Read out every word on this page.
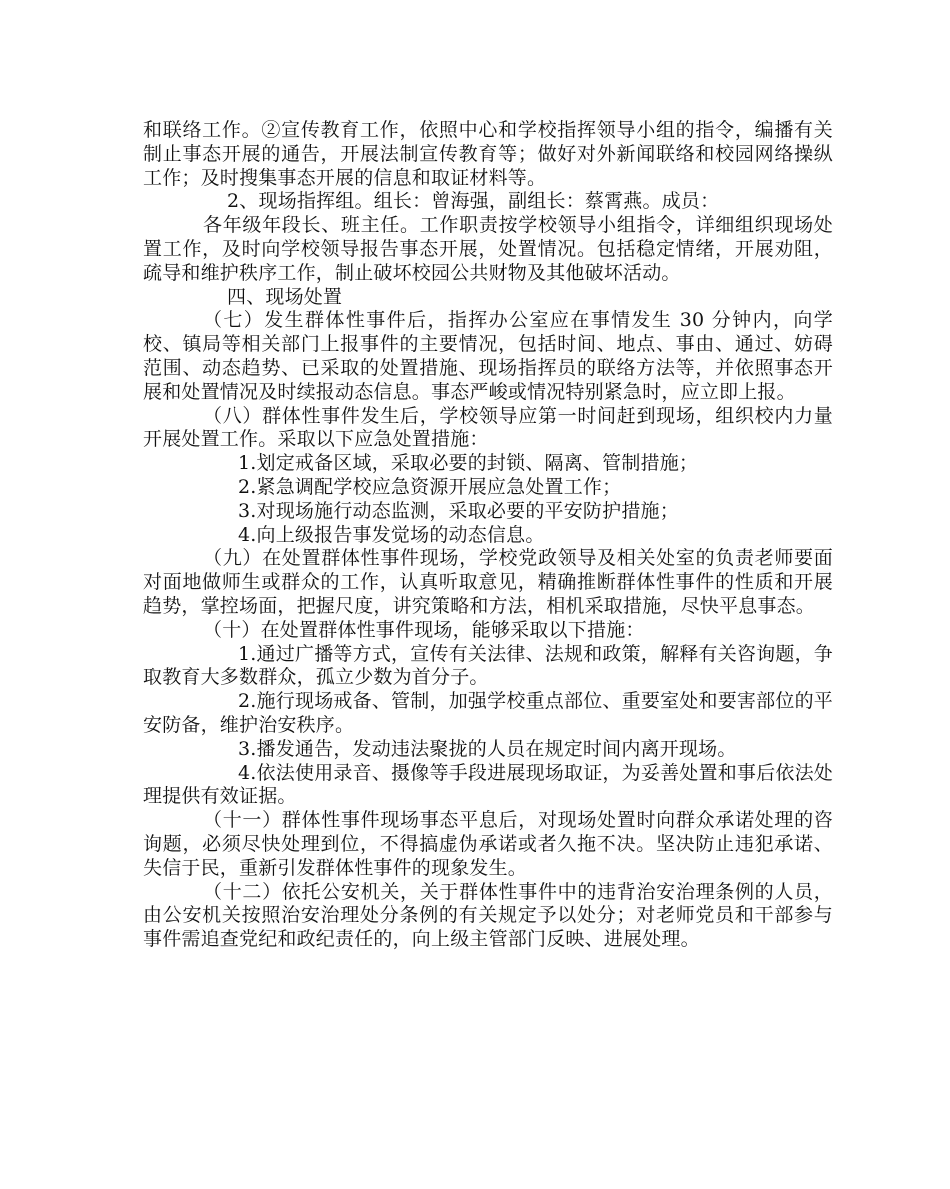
和联络工作。②宣传教育工作，依照中心和学校指挥领导小组的指令，编播有关制止事态开展的通告，开展法制宣传教育等；做好对外新闻联络和校园网络操纵工作；及时搜集事态开展的信息和取证材料等。

2、现场指挥组。组长：曾海强，副组长：蔡霄燕。成员：

各年级年段长、班主任。工作职责按学校领导小组指令，详细组织现场处置工作，及时向学校领导报告事态开展，处置情况。包括稳定情绪，开展劝阻，疏导和维护秩序工作，制止破坏校园公共财物及其他破坏活动。

四、现场处置

（七）发生群体性事件后，指挥办公室应在事情发生 30 分钟内，向学校、镇局等相关部门上报事件的主要情况，包括时间、地点、事由、通过、妨碍范围、动态趋势、已采取的处置措施、现场指挥员的联络方法等，并依照事态开展和处置情况及时续报动态信息。事态严峻或情况特别紧急时，应立即上报。

（八）群体性事件发生后，学校领导应第一时间赶到现场，组织校内力量开展处置工作。采取以下应急处置措施：

1.划定戒备区域，采取必要的封锁、隔离、管制措施；

2.紧急调配学校应急资源开展应急处置工作；

3.对现场施行动态监测，采取必要的平安防护措施；

4.向上级报告事发觉场的动态信息。

（九）在处置群体性事件现场，学校党政领导及相关处室的负责老师要面对面地做师生或群众的工作，认真听取意见，精确推断群体性事件的性质和开展趋势，掌控场面，把握尺度，讲究策略和方法，相机采取措施，尽快平息事态。

（十）在处置群体性事件现场，能够采取以下措施：

1.通过广播等方式，宣传有关法律、法规和政策，解释有关咨询题，争取教育大多数群众，孤立少数为首分子。

2.施行现场戒备、管制，加强学校重点部位、重要室处和要害部位的平安防备，维护治安秩序。

3.播发通告，发动违法聚拢的人员在规定时间内离开现场。

4.依法使用录音、摄像等手段进展现场取证，为妥善处置和事后依法处理提供有效证据。

（十一）群体性事件现场事态平息后，对现场处置时向群众承诺处理的咨询题，必须尽快处理到位，不得搞虚伪承诺或者久拖不决。坚决防止违犯承诺、失信于民，重新引发群体性事件的现象发生。

（十二）依托公安机关，关于群体性事件中的违背治安治理条例的人员，由公安机关按照治安治理处分条例的有关规定予以处分；对老师党员和干部参与事件需追查党纪和政纪责任的，向上级主管部门反映、进展处理。
